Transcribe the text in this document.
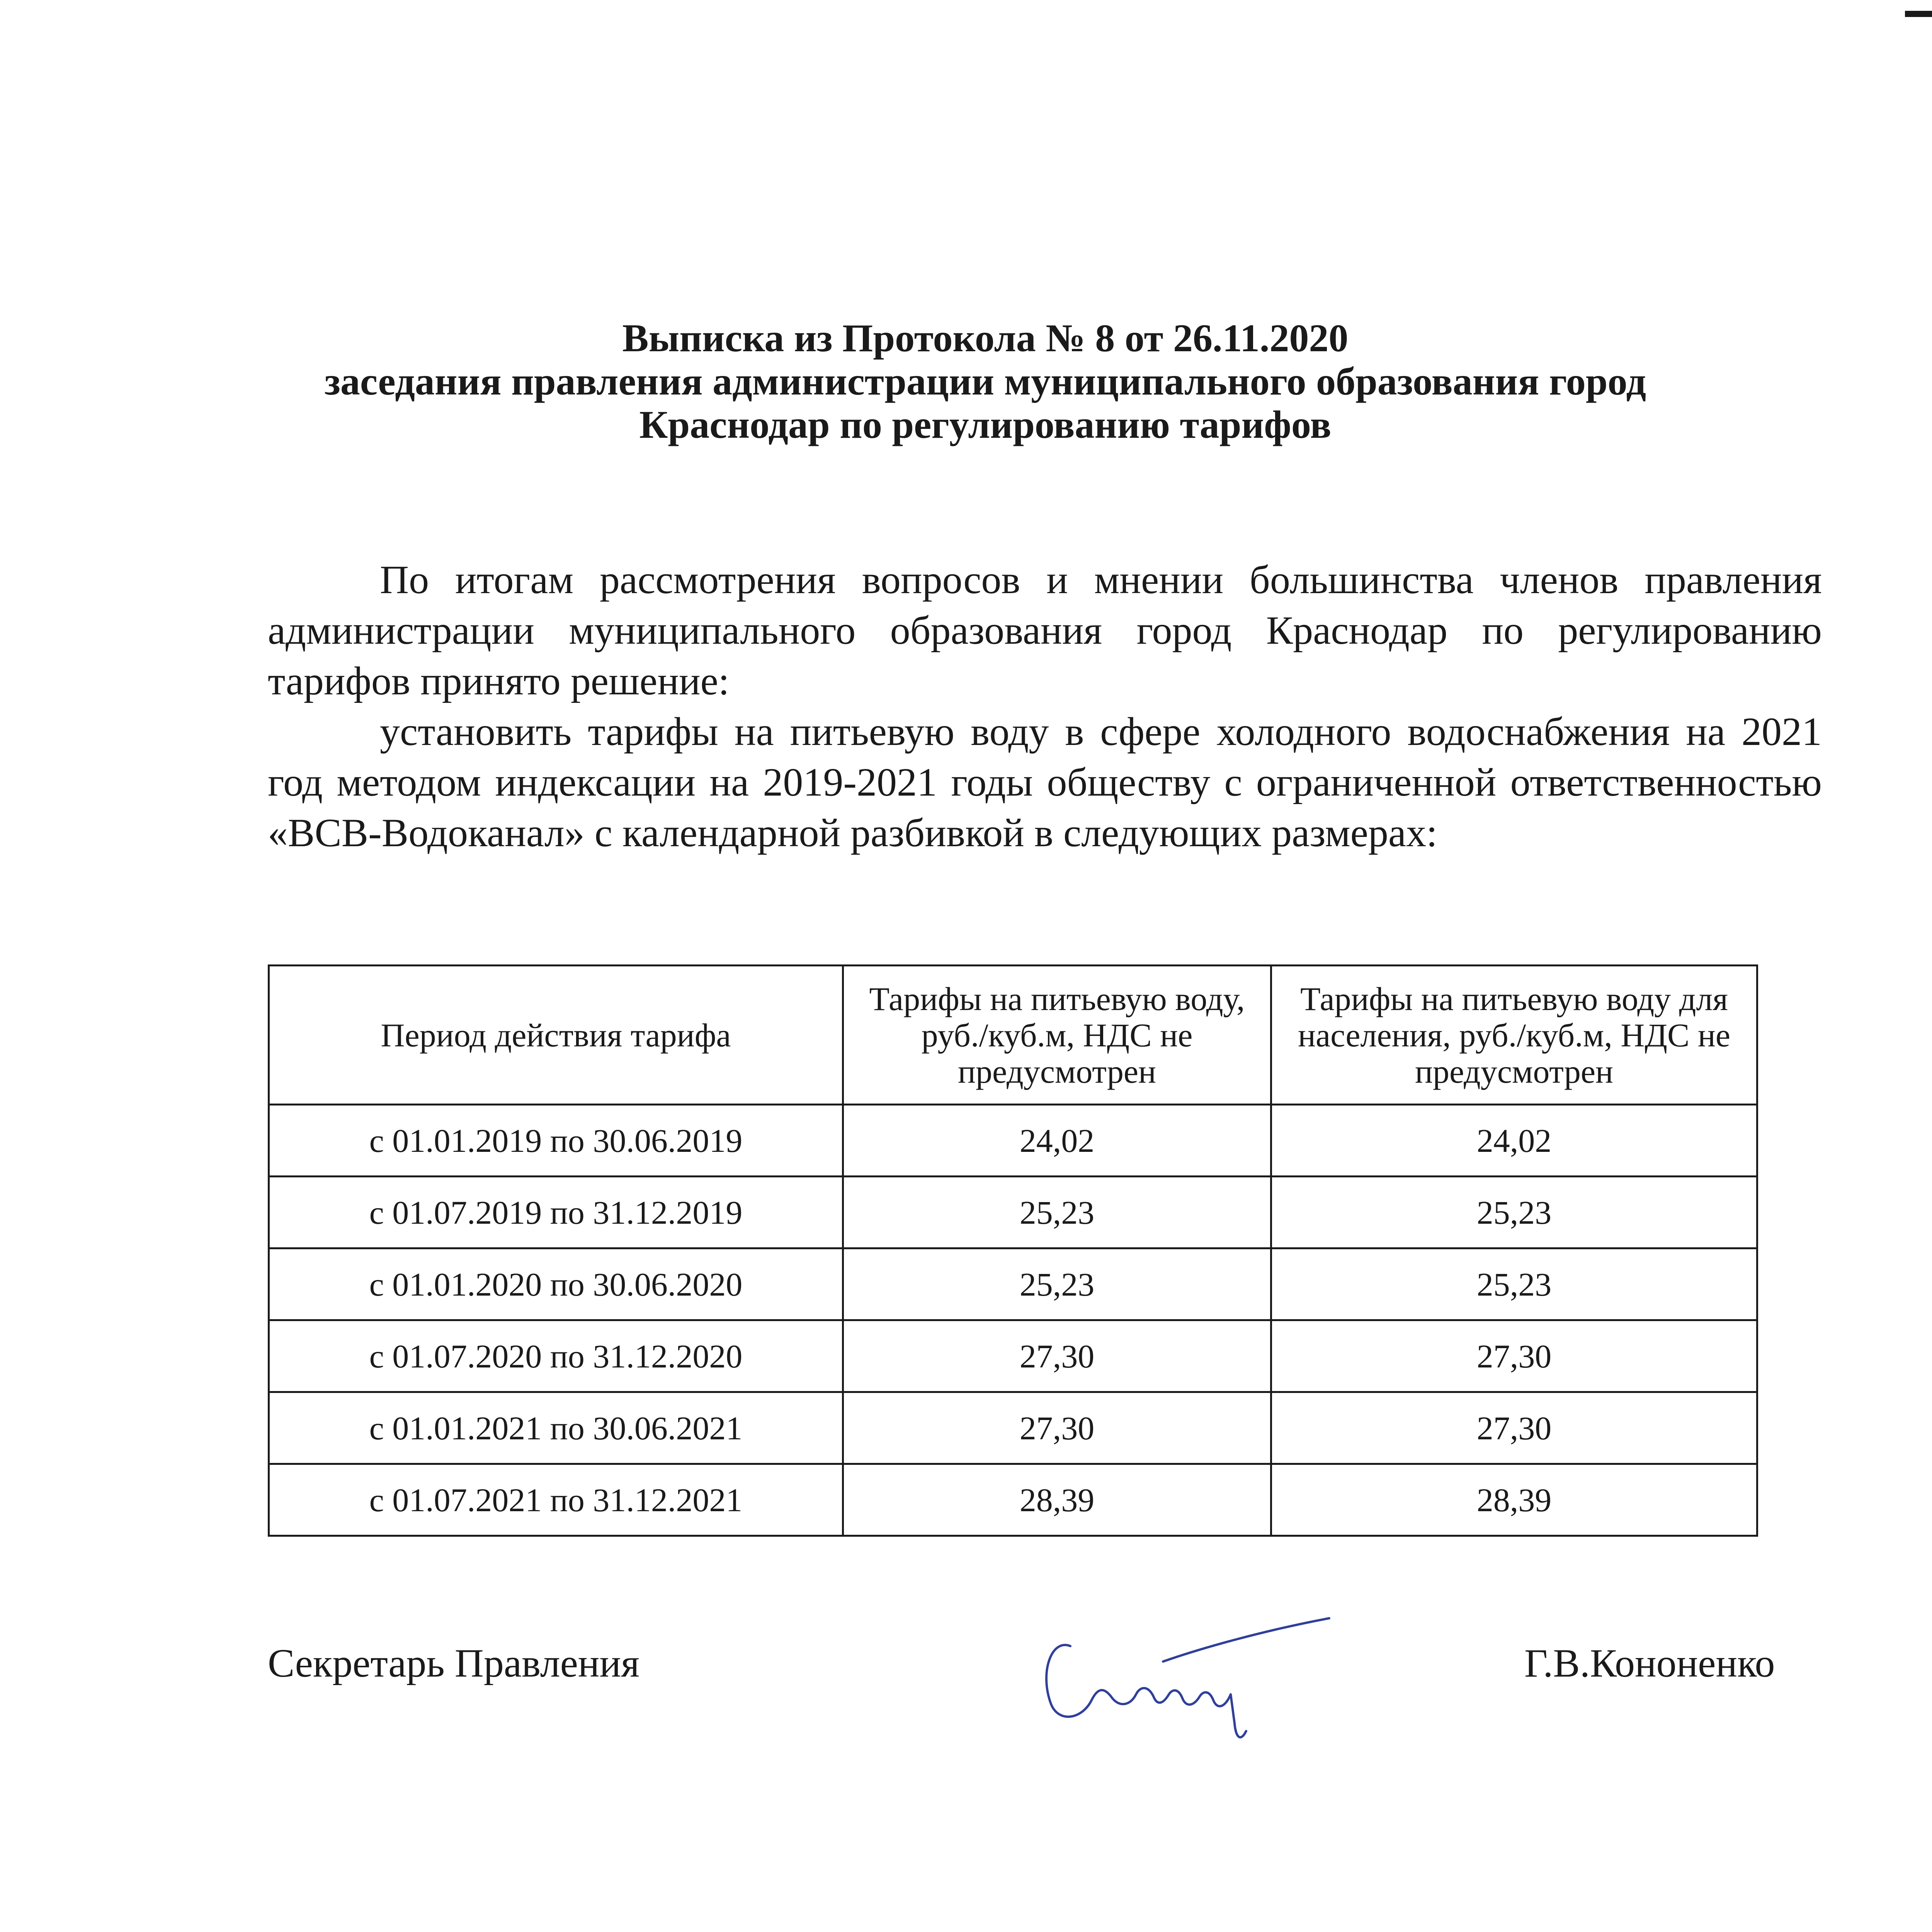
Выписка из Протокола № 8 от 26.11.2020

заседания правления администрации муниципального образования город

Краснодар по регулированию тарифов

По итогам рассмотрения вопросов и мнении большинства членов правления администрации муниципального образования город Краснодар по регулированию тарифов принято решение:

установить тарифы на питьевую воду в сфере холодного водоснабжения на 2021 год методом индексации на 2019-2021 годы обществу с ограниченной ответственностью «ВСВ-Водоканал» с календарной разбивкой в следующих размерах:

Период действия тарифа	Тарифы на питьевую воду, руб./куб.м, НДС не предусмотрен	Тарифы на питьевую воду для населения, руб./куб.м, НДС не предусмотрен
с 01.01.2019 по 30.06.2019	24,02	24,02
с 01.07.2019 по 31.12.2019	25,23	25,23
с 01.01.2020 по 30.06.2020	25,23	25,23
с 01.07.2020 по 31.12.2020	27,30	27,30
с 01.01.2021 по 30.06.2021	27,30	27,30
с 01.07.2021 по 31.12.2021	28,39	28,39
Секретарь Правления	Г.В.Кононенко
